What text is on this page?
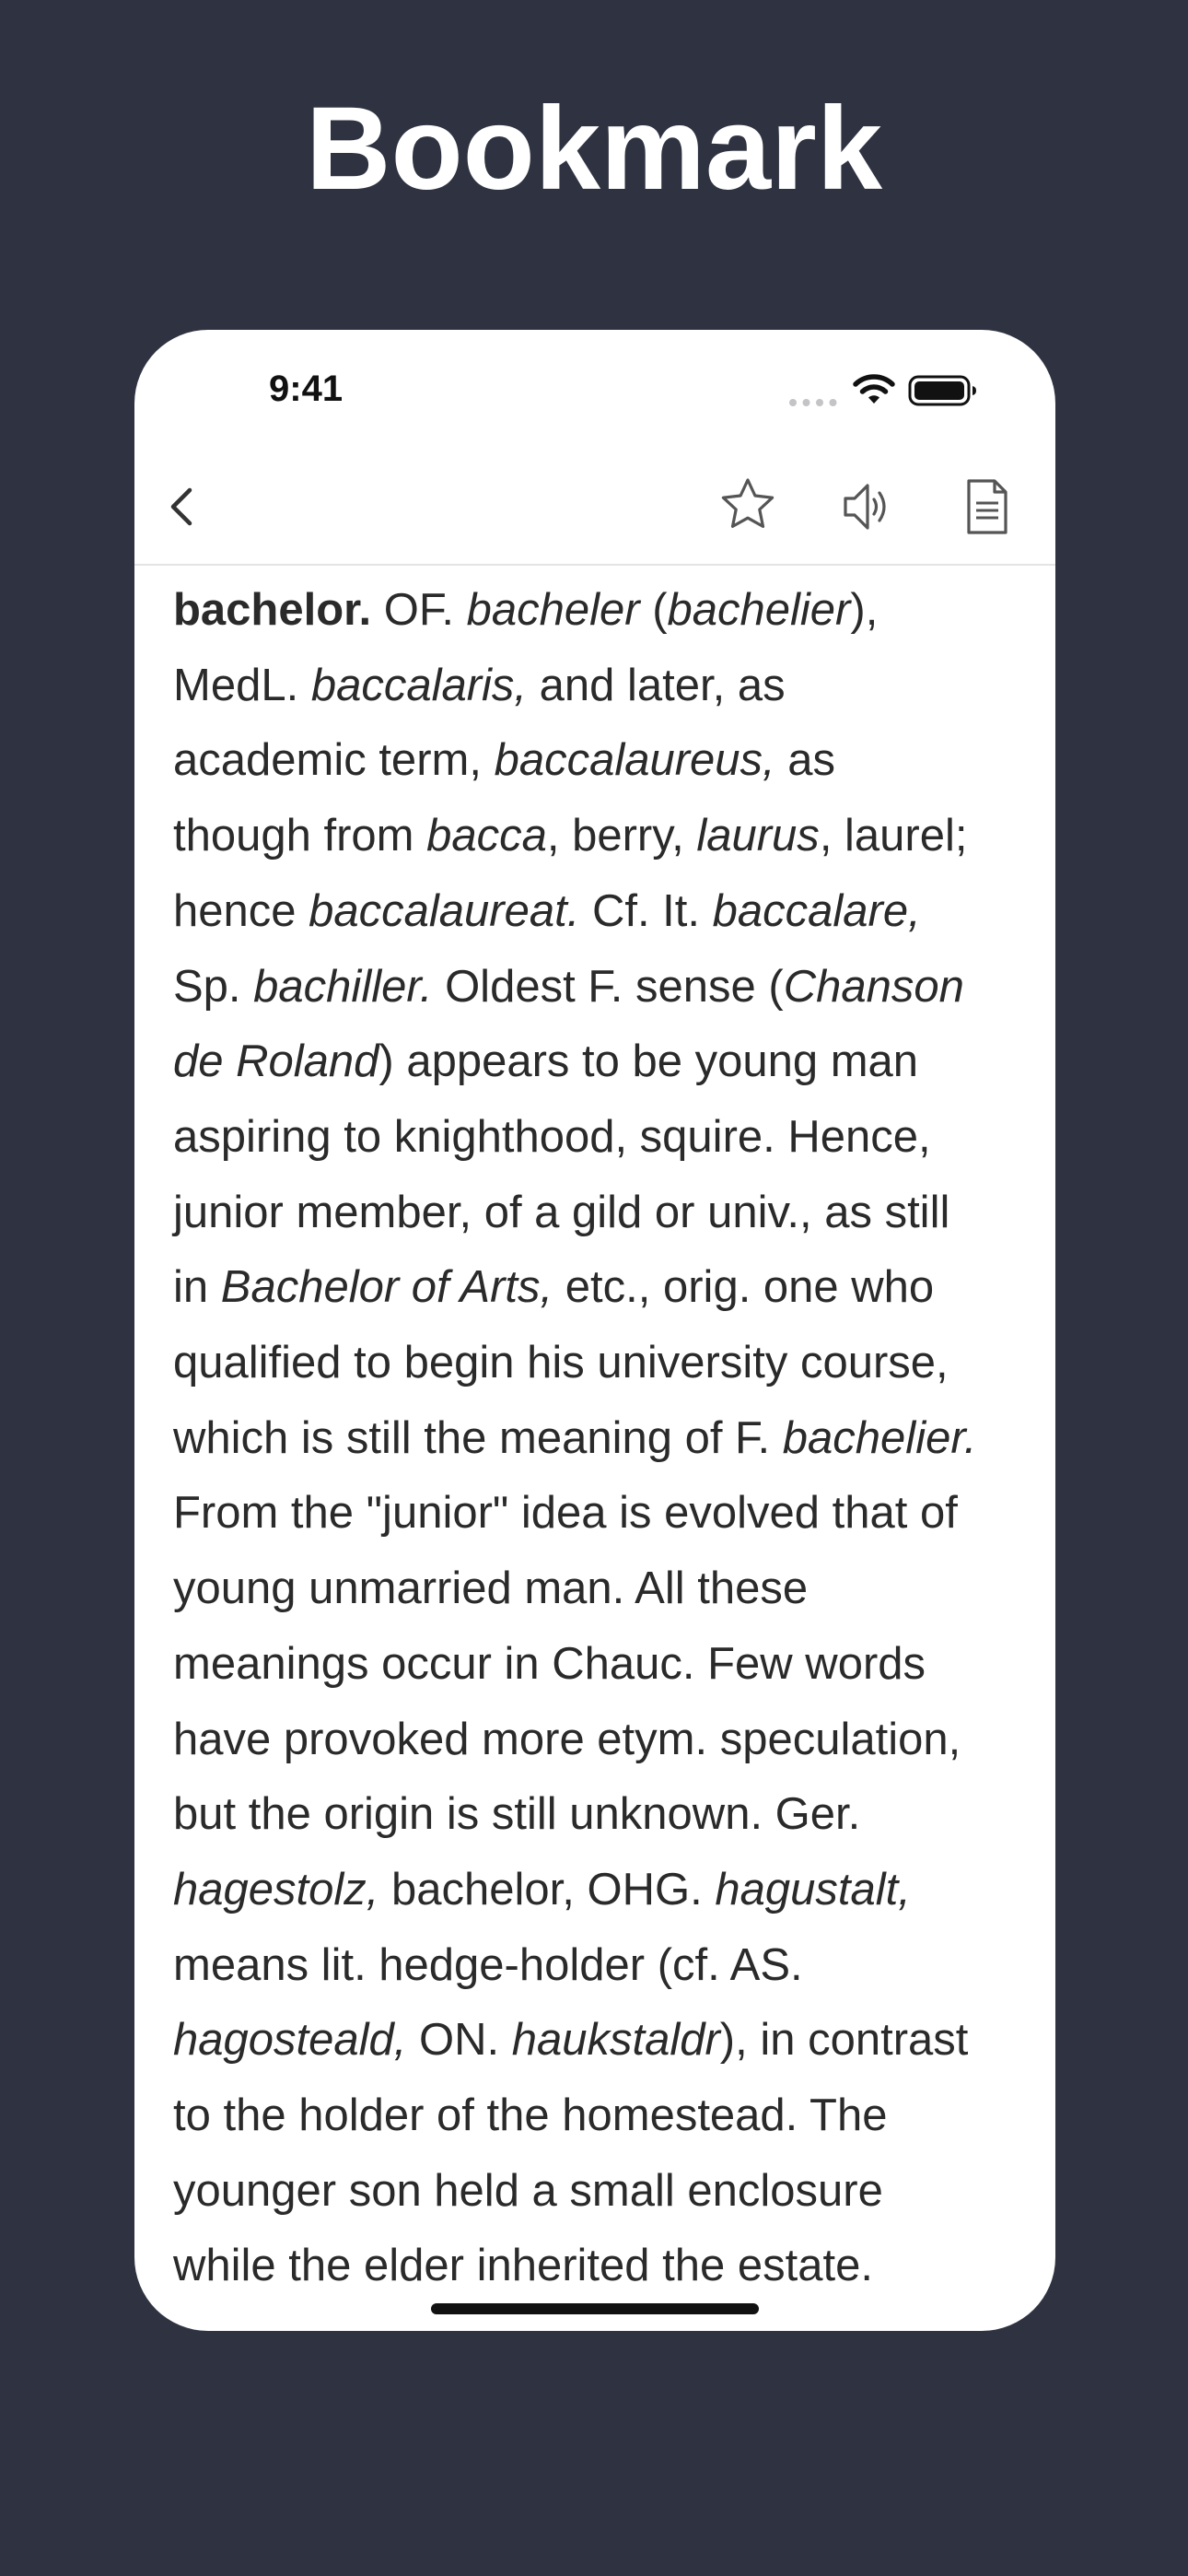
Bookmark
9:41

bachelor. OF. bacheler (bachelier),
MedL. baccalaris, and later, as
academic term, baccalaureus, as
though from bacca, berry, laurus, laurel;
hence baccalaureat. Cf. It. baccalare,
Sp. bachiller. Oldest F. sense (Chanson
de Roland) appears to be young man
aspiring to knighthood, squire. Hence,
junior member, of a gild or univ., as still
in Bachelor of Arts, etc., orig. one who
qualified to begin his university course,
which is still the meaning of F. bachelier.
From the "junior" idea is evolved that of
young unmarried man. All these
meanings occur in Chauc. Few words
have provoked more etym. speculation,
but the origin is still unknown. Ger.
hagestolz, bachelor, OHG. hagustalt,
means lit. hedge-holder (cf. AS.
hagosteald, ON. haukstaldr), in contrast
to the holder of the homestead. The
younger son held a small enclosure
while the elder inherited the estate.
